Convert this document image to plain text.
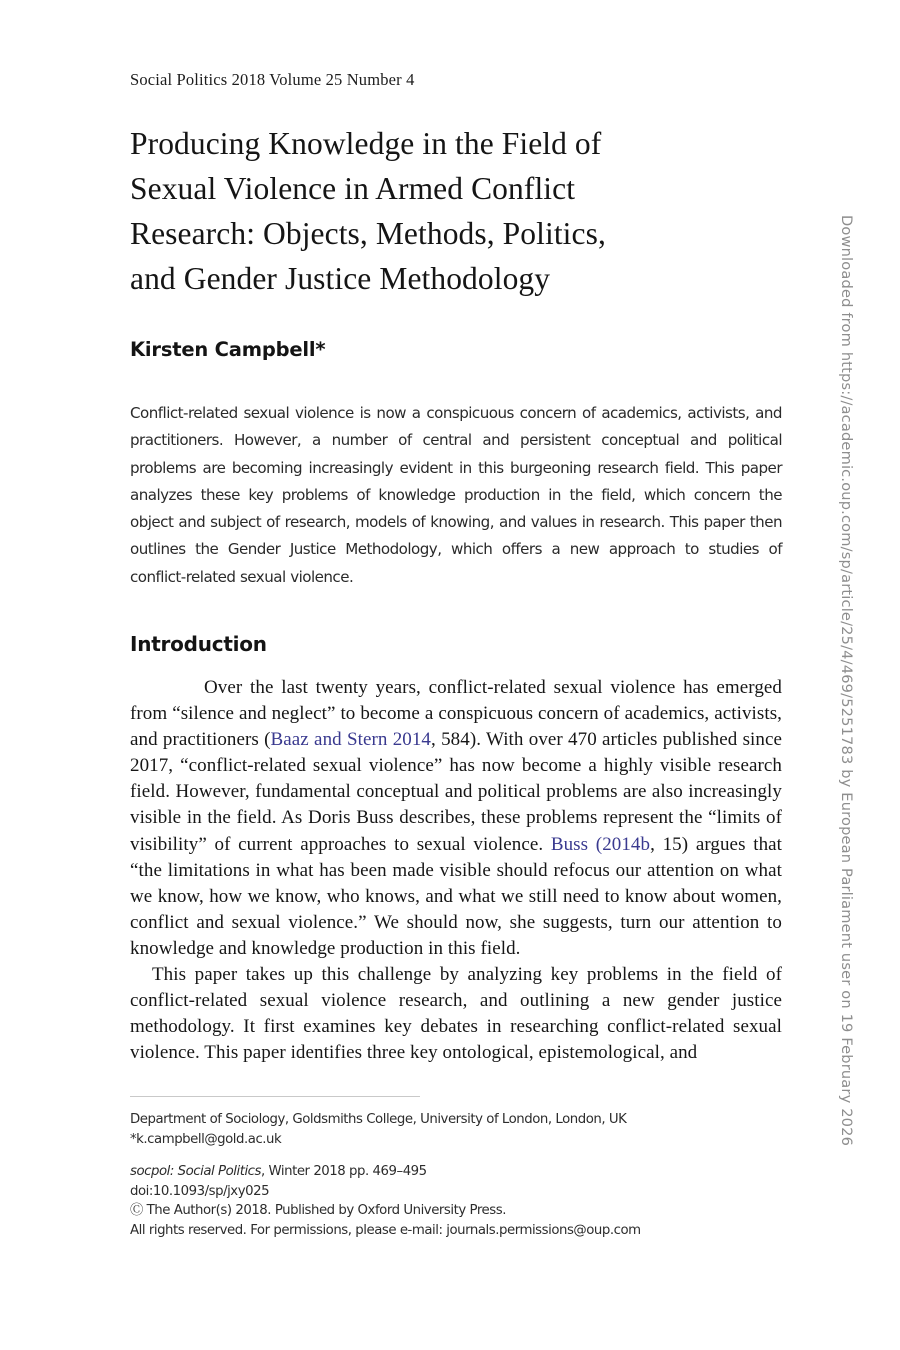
Social Politics 2018 Volume 25 Number 4
Producing Knowledge in the Field of
Sexual Violence in Armed Conflict
Research: Objects, Methods, Politics,
and Gender Justice Methodology
Kirsten Campbell*

Conflict-related sexual violence is now a conspicuous concern of academics, activists, and practitioners. However, a number of central and persistent conceptual and political problems are becoming increasingly evident in this burgeoning research field. This paper analyzes these key problems of knowledge production in the field, which concern the object and subject of research, models of knowing, and values in research. This paper then outlines the Gender Justice Methodology, which offers a new approach to studies of conflict-related sexual violence.

Introduction

Over the last twenty years, conflict-related sexual violence has emerged from “silence and neglect” to become a conspicuous concern of academics, activists, and practitioners (Baaz and Stern 2014, 584). With over 470 articles published since 2017, “conflict-related sexual violence” has now become a highly visible research field. However, fundamental conceptual and political problems are also increasingly visible in the field. As Doris Buss describes, these problems represent the “limits of visibility” of current approaches to sexual violence. Buss (2014b, 15) argues that “the limitations in what has been made visible should refocus our attention on what we know, how we know, who knows, and what we still need to know about women, conflict and sexual violence.” We should now, she suggests, turn our attention to knowledge and knowledge production in this field.

This paper takes up this challenge by analyzing key problems in the field of conflict-related sexual violence research, and outlining a new gender justice methodology. It first examines key debates in researching conflict-related sexual violence. This paper identifies three key ontological, epistemological, and

Department of Sociology, Goldsmiths College, University of London, London, UK
*k.campbell@gold.ac.uk
socpol: Social Politics, Winter 2018 pp. 469–495
doi:10.1093/sp/jxy025
Ⓒ The Author(s) 2018. Published by Oxford University Press.
All rights reserved. For permissions, please e-mail: journals.permissions@oup.com
Downloaded from https://academic.oup.com/sp/article/25/4/469/5251783 by European Parliament user on 19 February 2026
